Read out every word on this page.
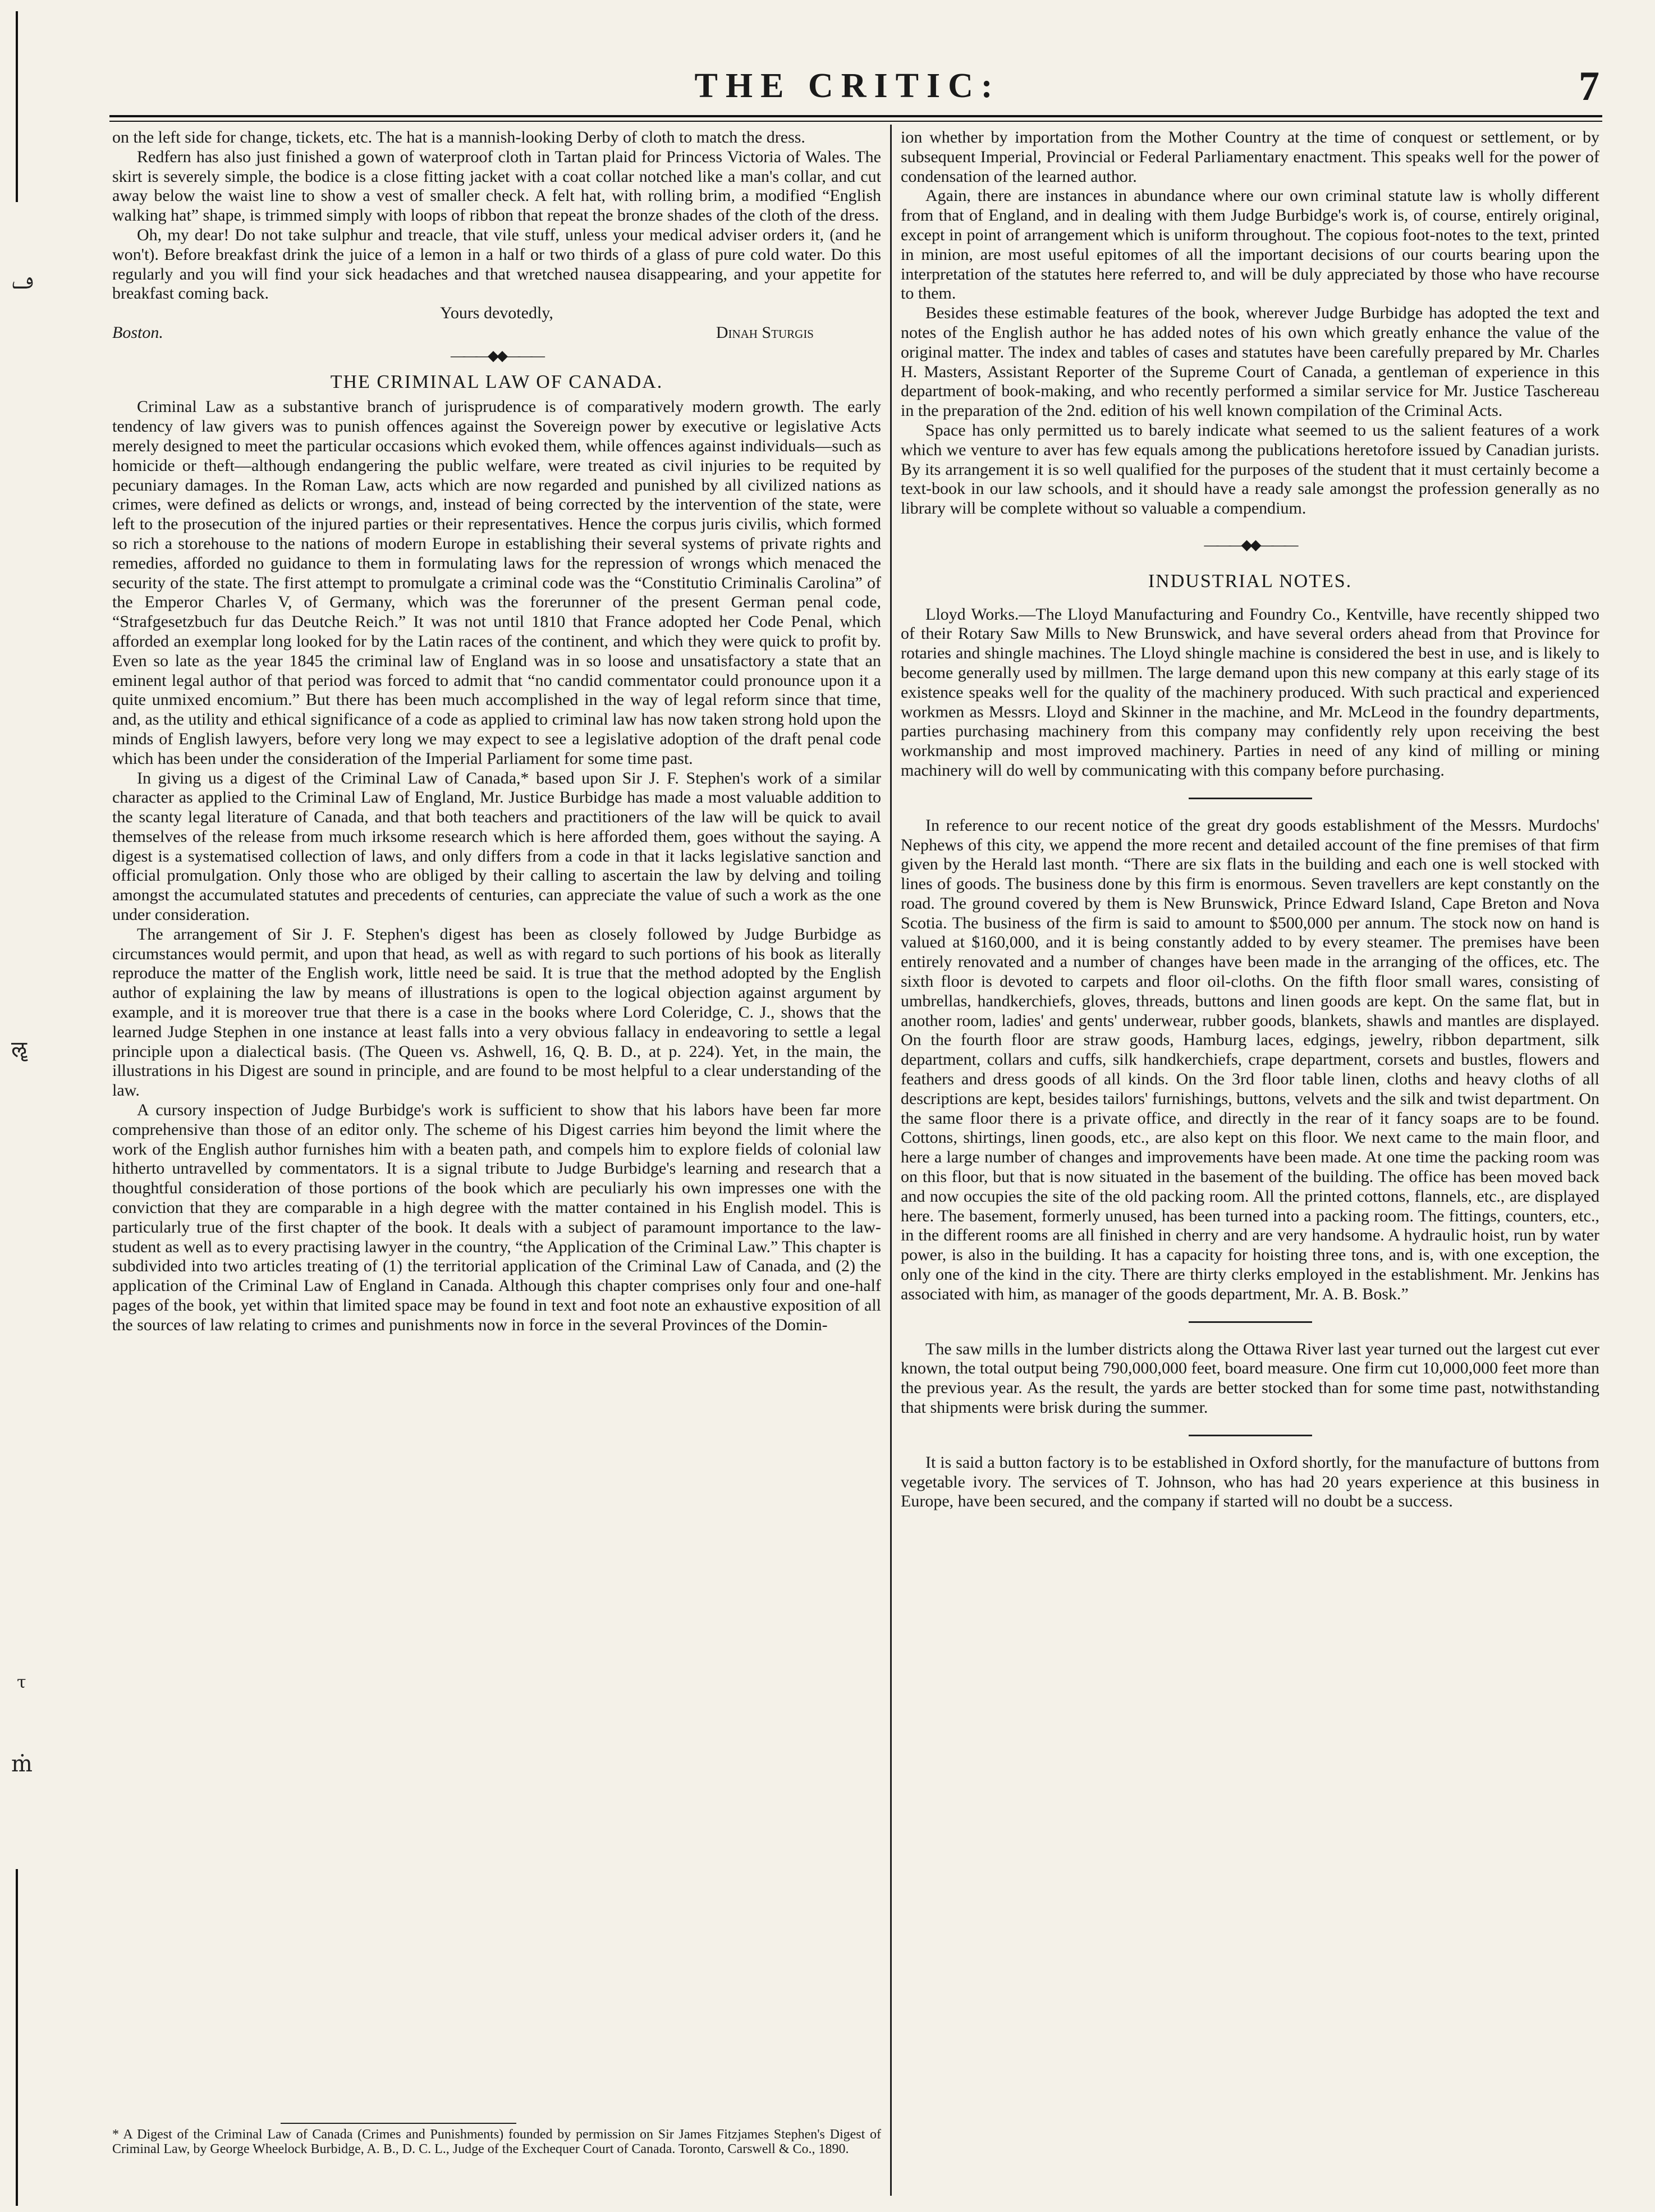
ࢻ
ॡ
τ
ṁ
THE CRITIC:	7

on the left side for change, tickets, etc. The hat is a mannish-looking Derby of cloth to match the dress.

Redfern has also just finished a gown of waterproof cloth in Tartan plaid for Princess Victoria of Wales. The skirt is severely simple, the bodice is a close fitting jacket with a coat collar notched like a man's collar, and cut away below the waist line to show a vest of smaller check. A felt hat, with rolling brim, a modified “English walking hat” shape, is trimmed simply with loops of ribbon that repeat the bronze shades of the cloth of the dress.

Oh, my dear! Do not take sulphur and treacle, that vile stuff, unless your medical adviser orders it, (and he won't). Before breakfast drink the juice of a lemon in a half or two thirds of a glass of pure cold water. Do this regularly and you will find your sick headaches and that wretched nausea disappearing, and your appetite for breakfast coming back.

Yours devotedly,
Boston.	Dinah Sturgis
———◆◆———
THE CRIMINAL LAW OF CANADA.

Criminal Law as a substantive branch of jurisprudence is of comparatively modern growth. The early tendency of law givers was to punish offences against the Sovereign power by executive or legislative Acts merely designed to meet the particular occasions which evoked them, while offences against individuals—such as homicide or theft—although endangering the public welfare, were treated as civil injuries to be requited by pecuniary damages. In the Roman Law, acts which are now regarded and punished by all civilized nations as crimes, were defined as delicts or wrongs, and, instead of being corrected by the intervention of the state, were left to the prosecution of the injured parties or their representatives. Hence the corpus juris civilis, which formed so rich a storehouse to the nations of modern Europe in establishing their several systems of private rights and remedies, afforded no guidance to them in formulating laws for the repression of wrongs which menaced the security of the state. The first attempt to promulgate a criminal code was the “Constitutio Criminalis Carolina” of the Emperor Charles V, of Germany, which was the forerunner of the present German penal code, “Strafgesetzbuch fur das Deutche Reich.” It was not until 1810 that France adopted her Code Penal, which afforded an exemplar long looked for by the Latin races of the continent, and which they were quick to profit by. Even so late as the year 1845 the criminal law of England was in so loose and unsatisfactory a state that an eminent legal author of that period was forced to admit that “no candid commentator could pronounce upon it a quite unmixed encomium.” But there has been much accomplished in the way of legal reform since that time, and, as the utility and ethical significance of a code as applied to criminal law has now taken strong hold upon the minds of English lawyers, before very long we may expect to see a legislative adoption of the draft penal code which has been under the consideration of the Imperial Parliament for some time past.

In giving us a digest of the Criminal Law of Canada,* based upon Sir J. F. Stephen's work of a similar character as applied to the Criminal Law of England, Mr. Justice Burbidge has made a most valuable addition to the scanty legal literature of Canada, and that both teachers and practitioners of the law will be quick to avail themselves of the release from much irksome research which is here afforded them, goes without the saying. A digest is a systematised collection of laws, and only differs from a code in that it lacks legislative sanction and official promulgation. Only those who are obliged by their calling to ascertain the law by delving and toiling amongst the accumulated statutes and precedents of centuries, can appreciate the value of such a work as the one under consideration.

The arrangement of Sir J. F. Stephen's digest has been as closely followed by Judge Burbidge as circumstances would permit, and upon that head, as well as with regard to such portions of his book as literally reproduce the matter of the English work, little need be said. It is true that the method adopted by the English author of explaining the law by means of illustrations is open to the logical objection against argument by example, and it is moreover true that there is a case in the books where Lord Coleridge, C. J., shows that the learned Judge Stephen in one instance at least falls into a very obvious fallacy in endeavoring to settle a legal principle upon a dialectical basis. (The Queen vs. Ashwell, 16, Q. B. D., at p. 224). Yet, in the main, the illustrations in his Digest are sound in principle, and are found to be most helpful to a clear understanding of the law.

A cursory inspection of Judge Burbidge's work is sufficient to show that his labors have been far more comprehensive than those of an editor only. The scheme of his Digest carries him beyond the limit where the work of the English author furnishes him with a beaten path, and compels him to explore fields of colonial law hitherto untravelled by commentators. It is a signal tribute to Judge Burbidge's learning and research that a thoughtful consideration of those portions of the book which are peculiarly his own impresses one with the conviction that they are comparable in a high degree with the matter contained in his English model. This is particularly true of the first chapter of the book. It deals with a subject of paramount importance to the law-student as well as to every practising lawyer in the country, “the Application of the Criminal Law.” This chapter is subdivided into two articles treating of (1) the territorial application of the Criminal Law of Canada, and (2) the application of the Criminal Law of England in Canada. Although this chapter comprises only four and one-half pages of the book, yet within that limited space may be found in text and foot note an exhaustive exposition of all the sources of law relating to crimes and punishments now in force in the several Provinces of the Domin-

* A Digest of the Criminal Law of Canada (Crimes and Punishments) founded by permission on Sir James Fitzjames Stephen's Digest of Criminal Law, by George Wheelock Burbidge, A. B., D. C. L., Judge of the Exchequer Court of Canada. Toronto, Carswell & Co., 1890.

ion whether by importation from the Mother Country at the time of conquest or settlement, or by subsequent Imperial, Provincial or Federal Parliamentary enactment. This speaks well for the power of condensation of the learned author.

Again, there are instances in abundance where our own criminal statute law is wholly different from that of England, and in dealing with them Judge Burbidge's work is, of course, entirely original, except in point of arrangement which is uniform throughout. The copious foot-notes to the text, printed in minion, are most useful epitomes of all the important decisions of our courts bearing upon the interpretation of the statutes here referred to, and will be duly appreciated by those who have recourse to them.

Besides these estimable features of the book, wherever Judge Burbidge has adopted the text and notes of the English author he has added notes of his own which greatly enhance the value of the original matter. The index and tables of cases and statutes have been carefully prepared by Mr. Charles H. Masters, Assistant Reporter of the Supreme Court of Canada, a gentleman of experience in this department of book-making, and who recently performed a similar service for Mr. Justice Taschereau in the preparation of the 2nd. edition of his well known compilation of the Criminal Acts.

Space has only permitted us to barely indicate what seemed to us the salient features of a work which we venture to aver has few equals among the publications heretofore issued by Canadian jurists. By its arrangement it is so well qualified for the purposes of the student that it must certainly become a text-book in our law schools, and it should have a ready sale amongst the profession generally as no library will be complete without so valuable a compendium.

———◆◆———
INDUSTRIAL NOTES.

Lloyd Works.—The Lloyd Manufacturing and Foundry Co., Kentville, have recently shipped two of their Rotary Saw Mills to New Brunswick, and have several orders ahead from that Province for rotaries and shingle machines. The Lloyd shingle machine is considered the best in use, and is likely to become generally used by millmen. The large demand upon this new company at this early stage of its existence speaks well for the quality of the machinery produced. With such practical and experienced workmen as Messrs. Lloyd and Skinner in the machine, and Mr. McLeod in the foundry departments, parties purchasing machinery from this company may confidently rely upon receiving the best workmanship and most improved machinery. Parties in need of any kind of milling or mining machinery will do well by communicating with this company before purchasing.

In reference to our recent notice of the great dry goods establishment of the Messrs. Murdochs' Nephews of this city, we append the more recent and detailed account of the fine premises of that firm given by the Herald last month. “There are six flats in the building and each one is well stocked with lines of goods. The business done by this firm is enormous. Seven travellers are kept constantly on the road. The ground covered by them is New Brunswick, Prince Edward Island, Cape Breton and Nova Scotia. The business of the firm is said to amount to $500,000 per annum. The stock now on hand is valued at $160,000, and it is being constantly added to by every steamer. The premises have been entirely renovated and a number of changes have been made in the arranging of the offices, etc. The sixth floor is devoted to carpets and floor oil-cloths. On the fifth floor small wares, consisting of umbrellas, handkerchiefs, gloves, threads, buttons and linen goods are kept. On the same flat, but in another room, ladies' and gents' underwear, rubber goods, blankets, shawls and mantles are displayed. On the fourth floor are straw goods, Hamburg laces, edgings, jewelry, ribbon department, silk department, collars and cuffs, silk handkerchiefs, crape department, corsets and bustles, flowers and feathers and dress goods of all kinds. On the 3rd floor table linen, cloths and heavy cloths of all descriptions are kept, besides tailors' furnishings, buttons, velvets and the silk and twist department. On the same floor there is a private office, and directly in the rear of it fancy soaps are to be found. Cottons, shirtings, linen goods, etc., are also kept on this floor. We next came to the main floor, and here a large number of changes and improvements have been made. At one time the packing room was on this floor, but that is now situated in the basement of the building. The office has been moved back and now occupies the site of the old packing room. All the printed cottons, flannels, etc., are displayed here. The basement, formerly unused, has been turned into a packing room. The fittings, counters, etc., in the different rooms are all finished in cherry and are very handsome. A hydraulic hoist, run by water power, is also in the building. It has a capacity for hoisting three tons, and is, with one exception, the only one of the kind in the city. There are thirty clerks employed in the establishment. Mr. Jenkins has associated with him, as manager of the goods department, Mr. A. B. Bosk.”

The saw mills in the lumber districts along the Ottawa River last year turned out the largest cut ever known, the total output being 790,000,000 feet, board measure. One firm cut 10,000,000 feet more than the previous year. As the result, the yards are better stocked than for some time past, notwithstanding that shipments were brisk during the summer.

It is said a button factory is to be established in Oxford shortly, for the manufacture of buttons from vegetable ivory. The services of T. Johnson, who has had 20 years experience at this business in Europe, have been secured, and the company if started will no doubt be a success.
